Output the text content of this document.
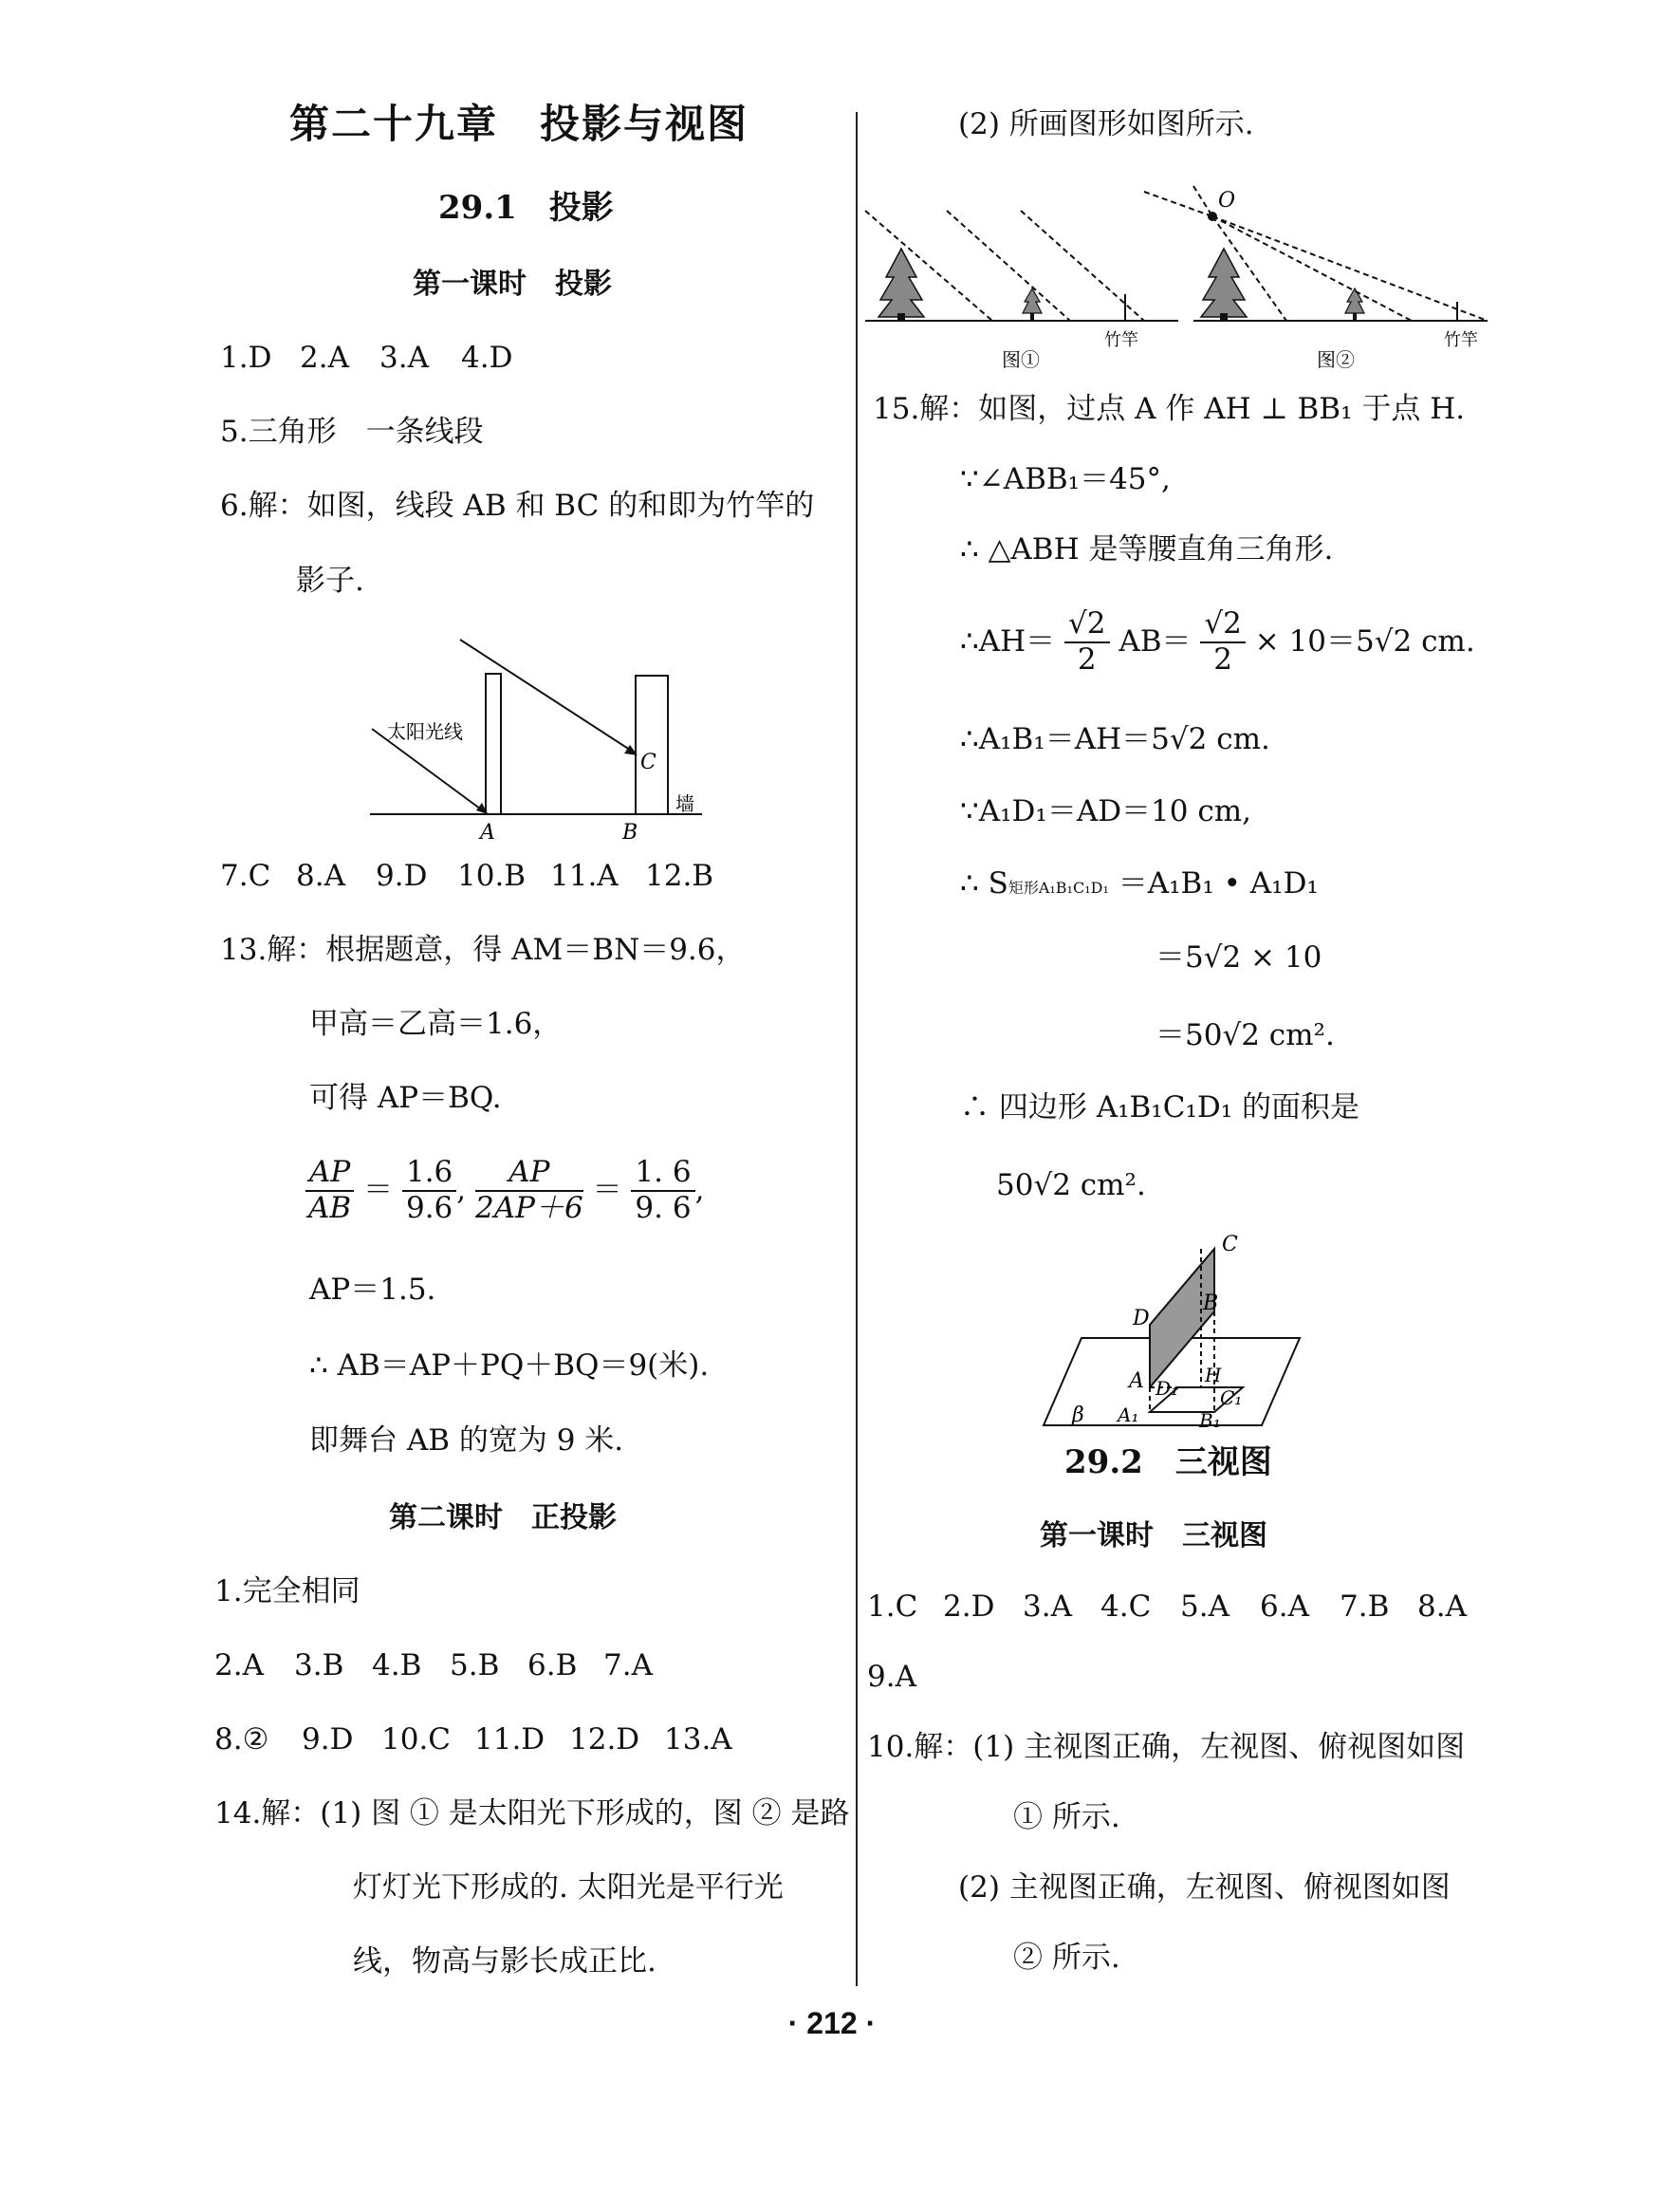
第二十九章　投影与视图
29.1　投影
第一课时　投影
1.D 2.A 3.A 4.D
5.三角形　一条线段
6.解：如图，线段 AB 和 BC 的和即为竹竿的
影子.
太阳光线
墙
A	B
C
7.C 8.A 9.D 10.B 11.A 12.B
13.解：根据题意，得 AM＝BN＝9.6，
甲高＝乙高＝1.6，
可得 AP＝BQ.
$\frac{AP}{AB} = \frac{1.6}{9.6}$ , $\frac{AP}{2AP+6} = \frac{1. 6}{9. 6}$ ,
AP＝1.5.
∴ AB＝AP＋PQ＋BQ＝9(米).
即舞台 AB 的宽为 9 米.
第二课时　正投影
1.完全相同
2.A 3.B 4.B 5.B 6.B 7.A
8.② 9.D 10.C 11.D 12.D 13.A
14.解：(1) 图 ① 是太阳光下形成的，图 ② 是路
灯灯光下形成的. 太阳光是平行光
线，物高与影长成正比.
(2) 所画图形如图所示.
图①
竹竿
O
图②
竹竿
15.解：如图，过点 A 作 AH ⊥ BB₁ 于点 H.
∵∠ABB₁＝45°,
∴ △ABH 是等腰直角三角形.
∴AH＝ $\frac{√2}{2} AB= \frac{√2}{2} \times 10=5√2$ cm.
∴A₁B₁＝AH＝5√2 cm.
∵A₁D₁＝AD＝10 cm,
∴ S矩形A₁B₁C₁D₁ ＝A₁B₁ • A₁D₁
＝5√2 × 10
＝50√2 cm².
∴ 四边形 A₁B₁C₁D₁ 的面积是
50√2 cm².
C
D
B
A D₁
H
C₁
β A₁	B₁
29.2　三视图
第一课时　三视图
1.C 2.D 3.A 4.C 5.A 6.A 7.B 8.A
9.A
10.解：(1) 主视图正确，左视图、俯视图如图
① 所示.
(2) 主视图正确，左视图、俯视图如图
② 所示.
· 212 ·
